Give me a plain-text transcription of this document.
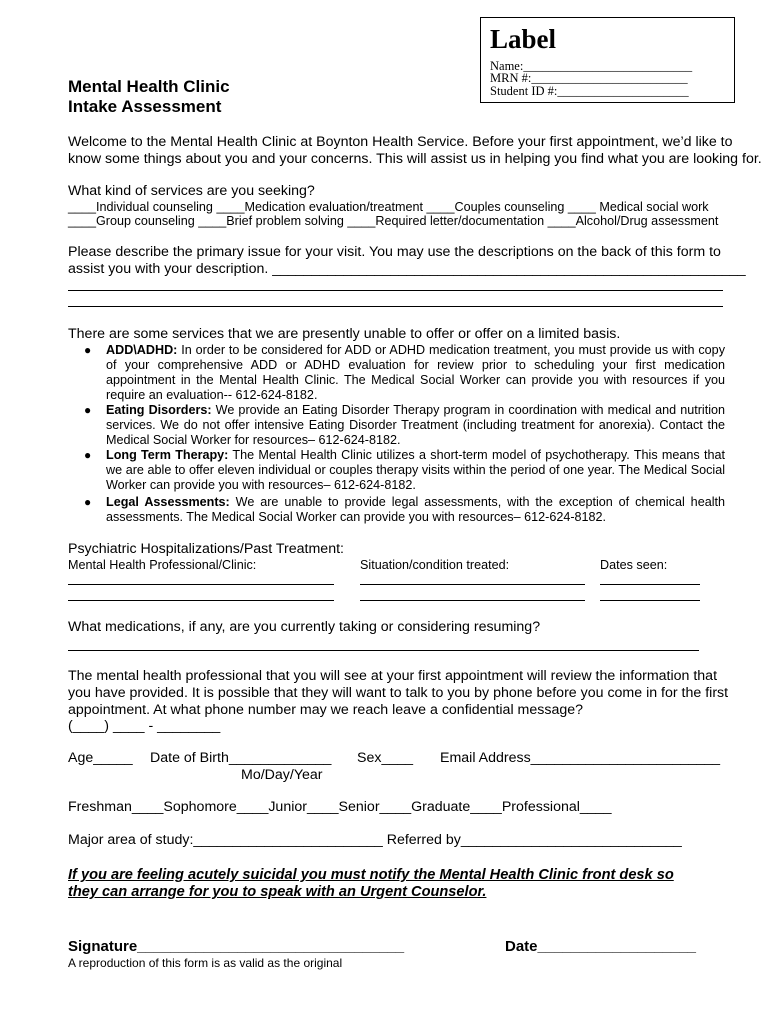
Label
Name:___________________________
MRN #:_________________________
Student ID #:_____________________
Mental Health Clinic
Intake Assessment
Welcome to the Mental Health Clinic at Boynton Health Service. Before your first appointment, we’d like to
know some things about you and your concerns. This will assist us in helping you find what you are looking for.
What kind of services are you seeking?
____Individual counseling ____Medication evaluation/treatment ____Couples counseling ____ Medical social work
____Group counseling ____Brief problem solving ____Required letter/documentation ____Alcohol/Drug assessment
Please describe the primary issue for your visit. You may use the descriptions on the back of this form to
assist you with your description. ____________________________________________________________
There are some services that we are presently unable to offer or offer on a limited basis.
● ADD\ADHD: In order to be considered for ADD or ADHD medication treatment, you must provide us with copy
of your comprehensive ADD or ADHD evaluation for review prior to scheduling your first medication
appointment in the Mental Health Clinic. The Medical Social Worker can provide you with resources if you
require an evaluation-- 612-624-8182.
● Eating Disorders: We provide an Eating Disorder Therapy program in coordination with medical and nutrition
services. We do not offer intensive Eating Disorder Treatment (including treatment for anorexia). Contact the
Medical Social Worker for resources– 612-624-8182.
● Long Term Therapy: The Mental Health Clinic utilizes a short-term model of psychotherapy. This means that
we are able to offer eleven individual or couples therapy visits within the period of one year. The Medical Social
Worker can provide you with resources– 612-624-8182.
● Legal Assessments: We are unable to provide legal assessments, with the exception of chemical health
assessments. The Medical Social Worker can provide you with resources– 612-624-8182.
Psychiatric Hospitalizations/Past Treatment:
Mental Health Professional/Clinic:	Situation/condition treated:	Dates seen:
What medications, if any, are you currently taking or considering resuming?
The mental health professional that you will see at your first appointment will review the information that
you have provided. It is possible that they will want to talk to you by phone before you come in for the first
appointment. At what phone number may we reach leave a confidential message?
(____) ____ - ________
Age_____ Date of Birth_____________
Mo/Day/Year
Sex____ Email Address________________________
Freshman____Sophomore____Junior____Senior____Graduate____Professional____
Major area of study:________________________ Referred by____________________________
If you are feeling acutely suicidal you must notify the Mental Health Clinic front desk so
they can arrange for you to speak with an Urgent Counselor.
Signature________________________________	Date___________________
A reproduction of this form is as valid as the original
